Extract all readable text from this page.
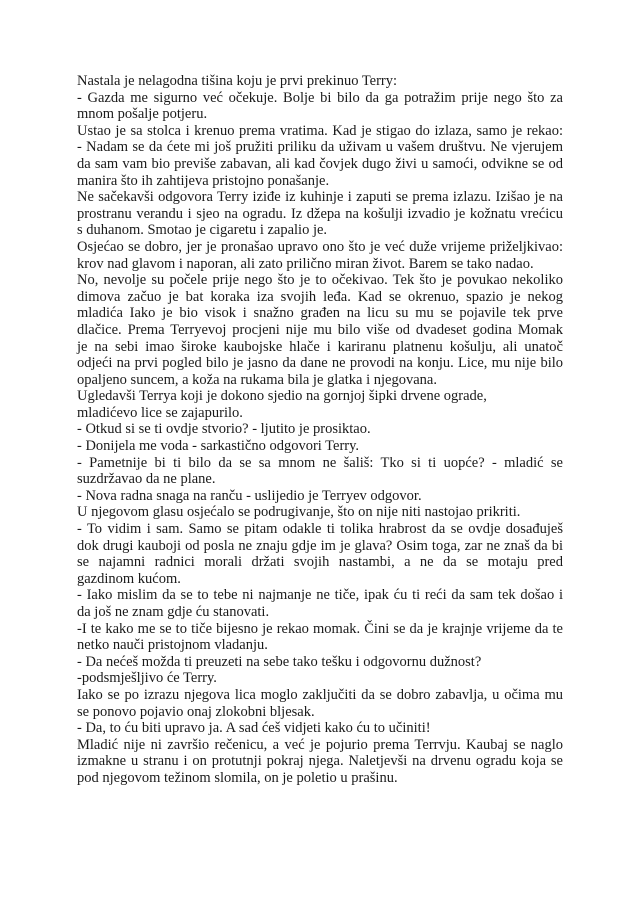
Nastala je nelagodna tišina koju je prvi prekinuo Terry:
- Gazda me sigurno već očekuje. Bolje bi bilo da ga potražim prije nego što za
mnom pošalje potjeru.
Ustao je sa stolca i krenuo prema vratima. Kad je stigao do izlaza, samo je rekao:
- Nadam se da ćete mi još pružiti priliku da uživam u vašem društvu. Ne vjerujem
da sam vam bio previše zabavan, ali kad čovjek dugo živi u samoći, odvikne se od
manira što ih zahtijeva pristojno ponašanje.
Ne sačekavši odgovora Terry iziđe iz kuhinje i zaputi se prema izlazu. Izišao je na
prostranu verandu i sjeo na ogradu. Iz džepa na košulji izvadio je kožnatu vrećicu
s duhanom. Smotao je cigaretu i zapalio je.
Osjećao se dobro, jer je pronašao upravo ono što je već duže vrijeme priželjkivao:
krov nad glavom i naporan, ali zato prilično miran život. Barem se tako nadao.
No, nevolje su počele prije nego što je to očekivao. Tek što je povukao nekoliko
dimova začuo je bat koraka iza svojih leđa. Kad se okrenuo, spazio je nekog
mladića Iako je bio visok i snažno građen na licu su mu se pojavile tek prve
dlačice. Prema Terryevoj procjeni nije mu bilo više od dvadeset godina Momak
je na sebi imao široke kaubojske hlače i kariranu platnenu košulju, ali unatoč
odjeći na prvi pogled bilo je jasno da dane ne provodi na konju. Lice, mu nije bilo
opaljeno suncem, a koža na rukama bila je glatka i njegovana.
Ugledavši Terrya koji je dokono sjedio na gornjoj šipki drvene ograde,
mladićevo lice se zajapurilo.
- Otkud si se ti ovdje stvorio? - ljutito je prosiktao.
- Donijela me voda - sarkastično odgovori Terry.
- Pametnije bi ti bilo da se sa mnom ne šališ: Tko si ti uopće? - mladić se
suzdržavao da ne plane.
- Nova radna snaga na ranču - uslijedio je Terryev odgovor.
U njegovom glasu osjećalo se podrugivanje, što on nije niti nastojao prikriti.
- To vidim i sam. Samo se pitam odakle ti tolika hrabrost da se ovdje dosađuješ
dok drugi kauboji od posla ne znaju gdje im je glava? Osim toga, zar ne znaš da bi
se najamni radnici morali držati svojih nastambi, a ne da se motaju pred
gazdinom kućom.
- Iako mislim da se to tebe ni najmanje ne tiče, ipak ću ti reći da sam tek došao i
da još ne znam gdje ću stanovati.
-I te kako me se to tiče bijesno je rekao momak. Čini se da je krajnje vrijeme da te
netko nauči pristojnom vladanju.
- Da nećeš možda ti preuzeti na sebe tako tešku i odgovornu dužnost?
-podsmješljivo će Terry.
Iako se po izrazu njegova lica moglo zaključiti da se dobro zabavlja, u očima mu
se ponovo pojavio onaj zlokobni bljesak.
- Da, to ću biti upravo ja. A sad ćeš vidjeti kako ću to učiniti!
Mladić nije ni završio rečenicu, a već je pojurio prema Terrvju. Kaubaj se naglo
izmakne u stranu i on protutnji pokraj njega. Naletjevši na drvenu ogradu koja se
pod njegovom težinom slomila, on je poletio u prašinu.
